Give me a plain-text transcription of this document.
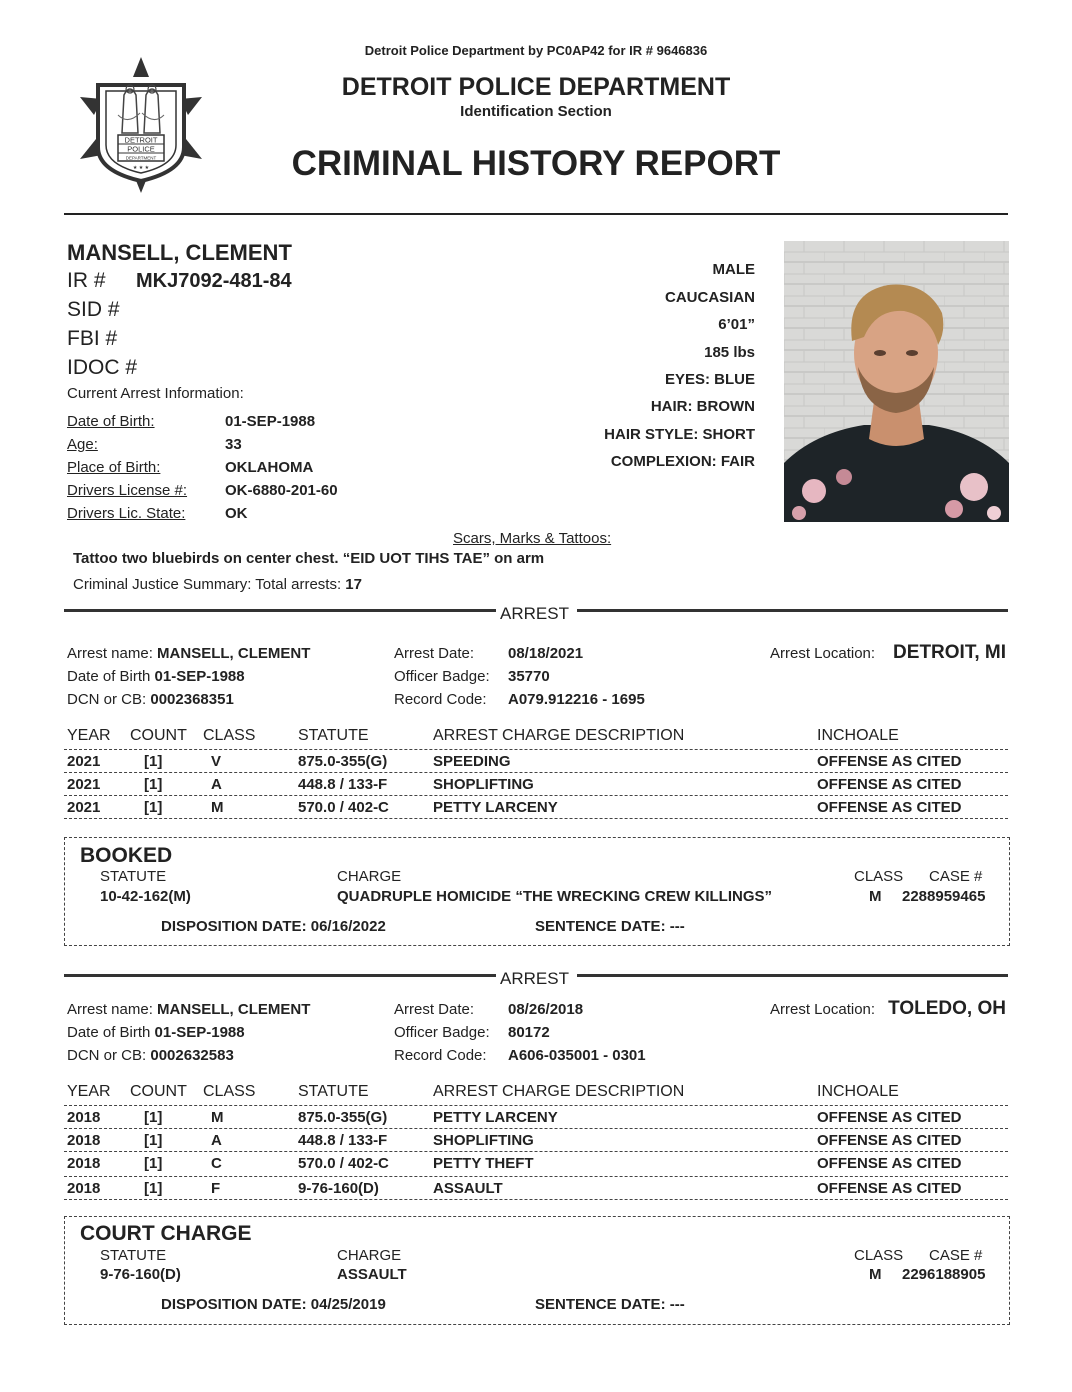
Detroit Police Department by PC0AP42 for IR # 9646836
DETROIT POLICE DEPARTMENT
Identification Section
CRIMINAL HISTORY REPORT
DETROIT
POLICE
DEPARTMENT
★ ★ ★
MANSELL, CLEMENT
IR # MKJ7092-481-84
SID #
FBI #
IDOC #
Current Arrest Information:
Date of Birth:	01-SEP-1988
Age:	33
Place of Birth:	OKLAHOMA
Drivers License #:	OK-6880-201-60
Drivers Lic. State:	OK
MALE
CAUCASIAN
6’01”
185 lbs
EYES: BLUE
HAIR: BROWN
HAIR STYLE: SHORT
COMPLEXION: FAIR
Scars, Marks & Tattoos:
Tattoo two bluebirds on center chest. “EID UOT TIHS TAE” on arm
Criminal Justice Summary: Total arrests: 17
ARREST
Arrest name: MANSELL, CLEMENT
Date of Birth 01-SEP-1988
DCN or CB: 0002368351
Arrest Date: 08/18/2021
Officer Badge: 35770
Record Code: A079.912216 - 1695
Arrest Location: DETROIT, MI
YEAR COUNT CLASS	STATUTE	ARREST CHARGE DESCRIPTION	INCHOALE
2021	[1]	V	875.0-355(G)	SPEEDING	OFFENSE AS CITED
2021	[1]	A	448.8 / 133-F	SHOPLIFTING	OFFENSE AS CITED
2021	[1]	M	570.0 / 402-C	PETTY LARCENY	OFFENSE AS CITED
BOOKED
STATUTE	CHARGE	CLASS CASE #
10-42-162(M)	QUADRUPLE HOMICIDE “THE WRECKING CREW KILLINGS”	M 2288959465
DISPOSITION DATE: 06/16/2022	SENTENCE DATE: ---
ARREST
Arrest name: MANSELL, CLEMENT
Date of Birth 01-SEP-1988
DCN or CB: 0002632583
Arrest Date: 08/26/2018
Officer Badge: 80172
Record Code: A606-035001 - 0301
Arrest Location: TOLEDO, OH
YEAR COUNT CLASS	STATUTE	ARREST CHARGE DESCRIPTION	INCHOALE
2018	[1]	M	875.0-355(G)	PETTY LARCENY	OFFENSE AS CITED
2018	[1]	A	448.8 / 133-F	SHOPLIFTING	OFFENSE AS CITED
2018	[1]	C	570.0 / 402-C	PETTY THEFT	OFFENSE AS CITED
2018	[1]	F	9-76-160(D)	ASSAULT	OFFENSE AS CITED
COURT CHARGE
STATUTE	CHARGE	CLASS CASE #
9-76-160(D)	ASSAULT	M 2296188905
DISPOSITION DATE: 04/25/2019	SENTENCE DATE: ---
